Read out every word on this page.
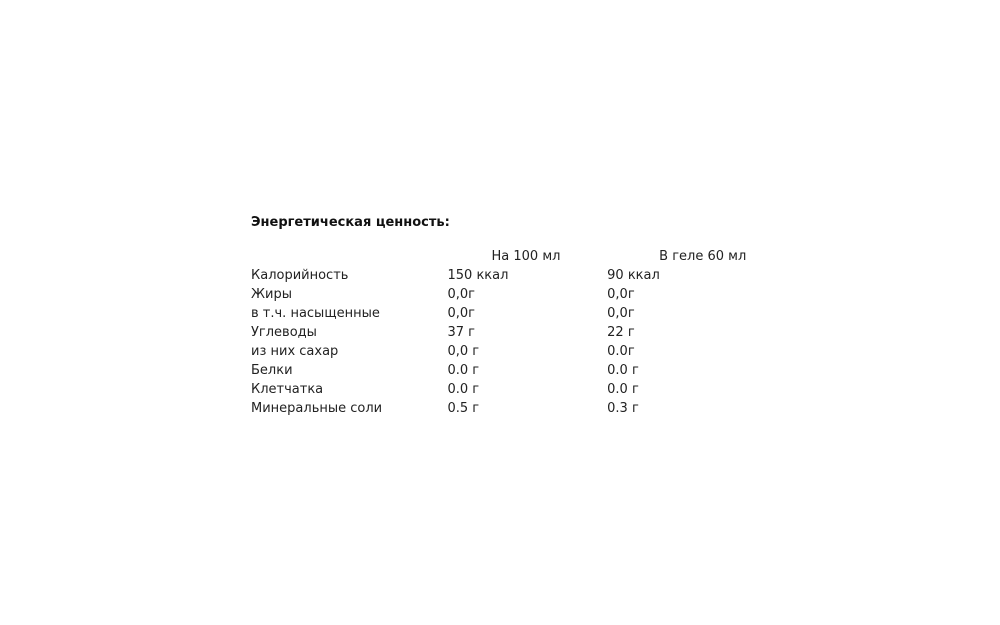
Энергетическая ценность:

	На 100 мл	В геле 60 мл
Калорийность	150 ккал	90 ккал
Жиры	0,0г	0,0г
в т.ч. насыщенные	0,0г	0,0г
Углеводы	37 г	22 г
из них сахар	0,0 г	0.0г
Белки	0.0 г	0.0 г
Клетчатка	0.0 г	0.0 г
Минеральные соли	0.5 г	0.3 г
